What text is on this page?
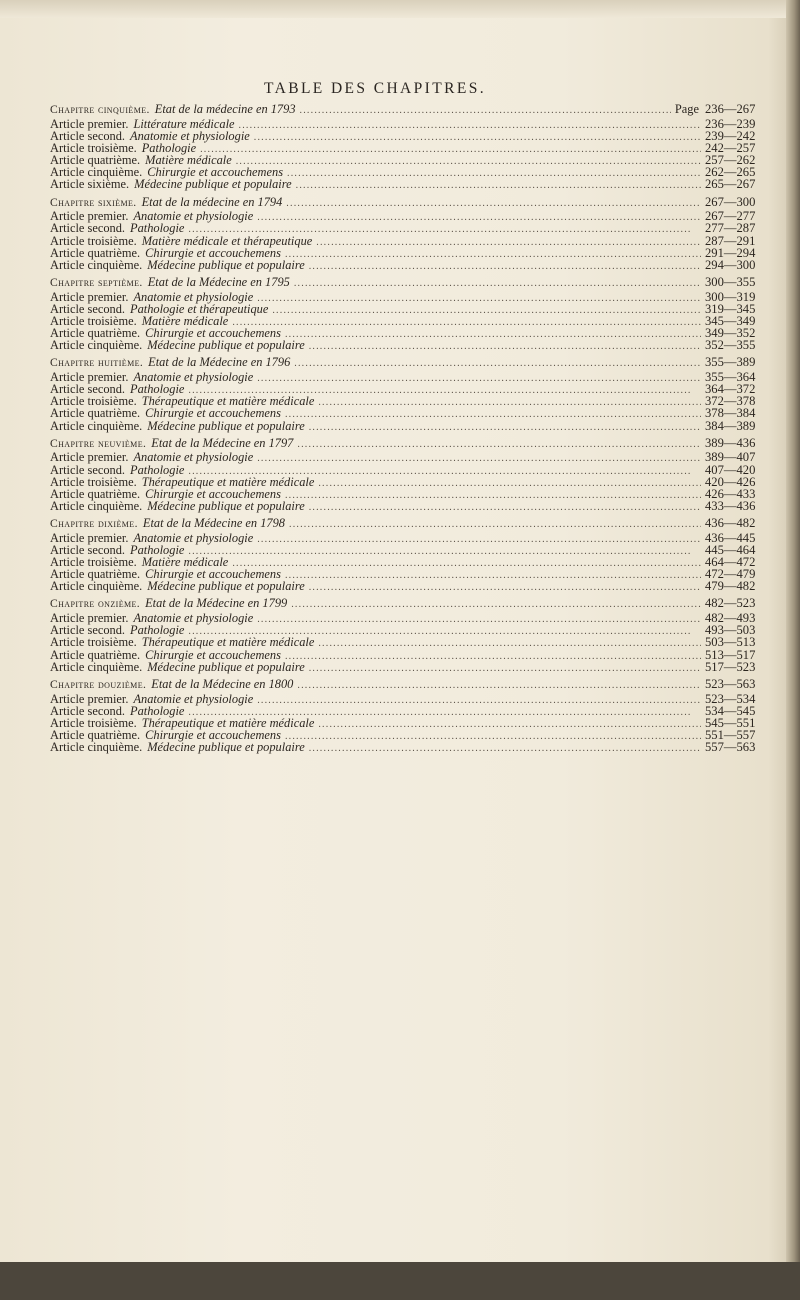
TABLE DES CHAPITRES.
Chapitre cinquième. Etat de la médecine en 1793 .....	Page 236—267
Article premier. Littérature médicale .....	236—239
Article second. Anatomie et physiologie .....	239—242
Article troisième. Pathologie .....	242—257
Article quatrième. Matière médicale .....	257—262
Article cinquième. Chirurgie et accouchemens .....	262—265
Article sixième. Médecine publique et populaire .....	265—267
Chapitre sixième. Etat de la médecine en 1794 .....	267—300
Article premier. Anatomie et physiologie .....	267—277
Article second. Pathologie .....	277—287
Article troisième. Matière médicale et thérapeutique .....	287—291
Article quatrième. Chirurgie et accouchemens .....	291—294
Article cinquième. Médecine publique et populaire .....	294—300
Chapitre septième. Etat de la Médecine en 1795 .....	300—355
Article premier. Anatomie et physiologie .....	300—319
Article second. Pathologie et thérapeutique .....	319—345
Article troisième. Matière médicale .....	345—349
Article quatrième. Chirurgie et accouchemens .....	349—352
Article cinquième. Médecine publique et populaire .....	352—355
Chapitre huitième. Etat de la Médecine en 1796 .....	355—389
Article premier. Anatomie et physiologie .....	355—364
Article second. Pathologie .....	364—372
Article troisième. Thérapeutique et matière médicale .....	372—378
Article quatrième. Chirurgie et accouchemens .....	378—384
Article cinquième. Médecine publique et populaire .....	384—389
Chapitre neuvième. Etat de la Médecine en 1797 .....	389—436
Article premier. Anatomie et physiologie .....	389—407
Article second. Pathologie .....	407—420
Article troisième. Thérapeutique et matière médicale .....	420—426
Article quatrième. Chirurgie et accouchemens .....	426—433
Article cinquième. Médecine publique et populaire .....	433—436
Chapitre dixième. Etat de la Médecine en 1798 .....	436—482
Article premier. Anatomie et physiologie .....	436—445
Article second. Pathologie .....	445—464
Article troisième. Matière médicale .....	464—472
Article quatrième. Chirurgie et accouchemens .....	472—479
Article cinquième. Médecine publique et populaire .....	479—482
Chapitre onzième. Etat de la Médecine en 1799 .....	482—523
Article premier. Anatomie et physiologie .....	482—493
Article second. Pathologie .....	493—503
Article troisième. Thérapeutique et matière médicale .....	503—513
Article quatrième. Chirurgie et accouchemens .....	513—517
Article cinquième. Médecine publique et populaire .....	517—523
Chapitre douzième. Etat de la Médecine en 1800 .....	523—563
Article premier. Anatomie et physiologie .....	523—534
Article second. Pathologie .....	534—545
Article troisième. Thérapeutique et matière médicale .....	545—551
Article quatrième. Chirurgie et accouchemens .....	551—557
Article cinquième. Médecine publique et populaire .....	557—563
